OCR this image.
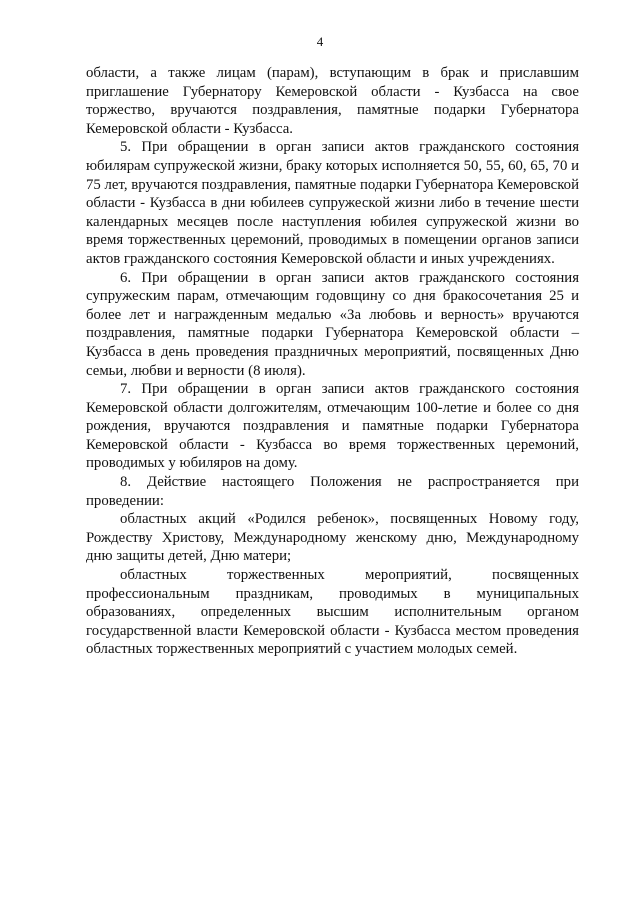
4

области, а также лицам (парам), вступающим в брак и приславшим приглашение Губернатору Кемеровской области - Кузбасса на свое торжество, вручаются поздравления, памятные подарки Губернатора Кемеровской области - Кузбасса.

5. При обращении в орган записи актов гражданского состояния юбилярам супружеской жизни, браку которых исполняется 50, 55, 60, 65, 70 и 75 лет, вручаются поздравления, памятные подарки Губернатора Кемеровской области - Кузбасса в дни юбилеев супружеской жизни либо в течение шести календарных месяцев после наступления юбилея супружеской жизни во время торжественных церемоний, проводимых в помещении органов записи актов гражданского состояния Кемеровской области и иных учреждениях.

6. При обращении в орган записи актов гражданского состояния супружеским парам, отмечающим годовщину со дня бракосочетания 25 и более лет и награжденным медалью «За любовь и верность» вручаются поздравления, памятные подарки Губернатора Кемеровской области – Кузбасса в день проведения праздничных мероприятий, посвященных Дню семьи, любви и верности (8 июля).

7. При обращении в орган записи актов гражданского состояния Кемеровской области долгожителям, отмечающим 100-летие и более со дня рождения, вручаются поздравления и памятные подарки Губернатора Кемеровской области - Кузбасса во время торжественных церемоний, проводимых у юбиляров на дому.

8. Действие настоящего Положения не распространяется при проведении:

областных акций «Родился ребенок», посвященных Новому году, Рождеству Христову, Международному женскому дню, Международному дню защиты детей, Дню матери;

областных торжественных мероприятий, посвященных профессиональным праздникам, проводимых в муниципальных образованиях, определенных высшим исполнительным органом государственной власти Кемеровской области - Кузбасса местом проведения областных торжественных мероприятий с участием молодых семей.
